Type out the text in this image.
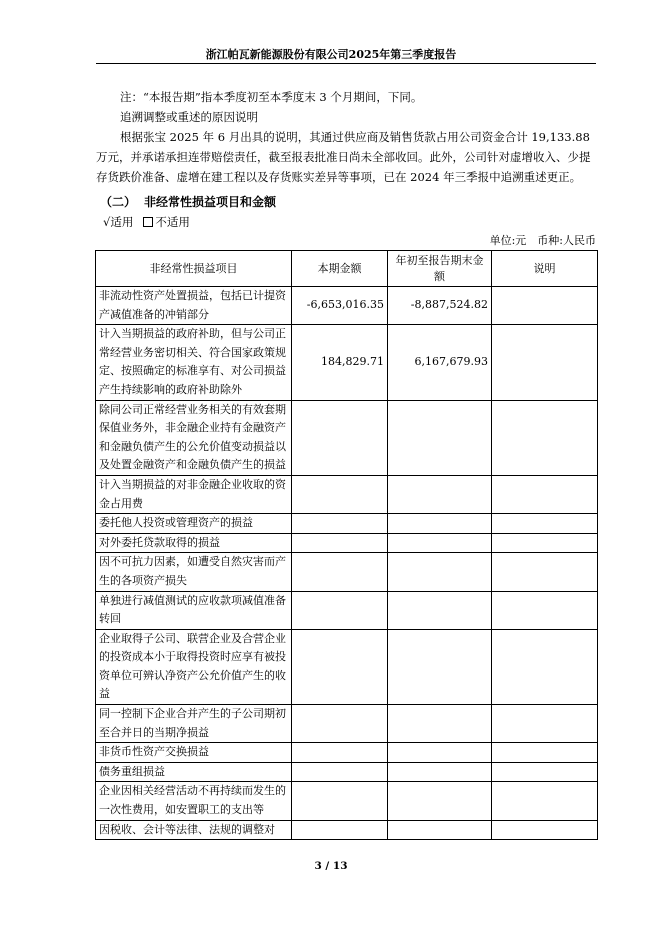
浙江帕瓦新能源股份有限公司2025年第三季度报告

注：“本报告期”指本季度初至本季度末 3 个月期间，下同。

追溯调整或重述的原因说明

根据张宝 2025 年 6 月出具的说明，其通过供应商及销售货款占用公司资金合计 19,133.88 万元，并承诺承担连带赔偿责任，截至报表批准日尚未全部收回。此外，公司针对虚增收入、少提存货跌价准备、虚增在建工程以及存货账实差异等事项，已在 2024 年三季报中追溯重述更正。

（二） 非经常性损益项目和金额
√适用 不适用
单位:元　币种:人民币
非经常性损益项目	本期金额	年初至报告期末金额	说明
非流动性资产处置损益，包括已计提资产减值准备的冲销部分	-6,653,016.35	-8,887,524.82	
计入当期损益的政府补助，但与公司正常经营业务密切相关、符合国家政策规定、按照确定的标准享有、对公司损益产生持续影响的政府补助除外	184,829.71	6,167,679.93	
除同公司正常经营业务相关的有效套期保值业务外，非金融企业持有金融资产和金融负债产生的公允价值变动损益以及处置金融资产和金融负债产生的损益			
计入当期损益的对非金融企业收取的资金占用费			
委托他人投资或管理资产的损益			
对外委托贷款取得的损益			
因不可抗力因素，如遭受自然灾害而产生的各项资产损失			
单独进行减值测试的应收款项减值准备转回			
企业取得子公司、联营企业及合营企业的投资成本小于取得投资时应享有被投资单位可辨认净资产公允价值产生的收益			
同一控制下企业合并产生的子公司期初至合并日的当期净损益			
非货币性资产交换损益			
债务重组损益			
企业因相关经营活动不再持续而发生的一次性费用，如安置职工的支出等			
因税收、会计等法律、法规的调整对			
3 / 13
